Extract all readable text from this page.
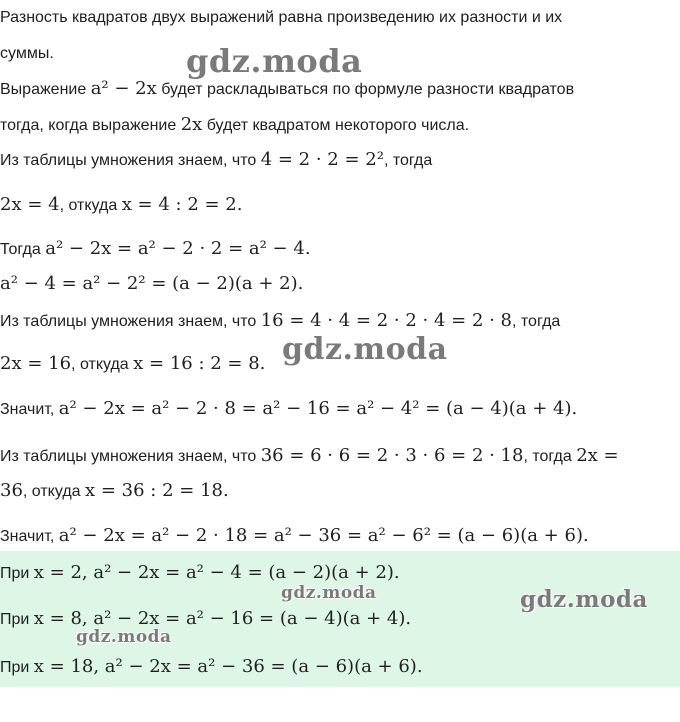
Разность квадратов двух выражений равна произведению их разности и их
суммы.
Выражение a² − 2x будет раскладываться по формуле разности квадратов
тогда, когда выражение 2x будет квадратом некоторого числа.
Из таблицы умножения знаем, что 4 = 2 · 2 = 2², тогда
2x = 4, откуда x = 4 : 2 = 2.
Тогда a² − 2x = a² − 2 · 2 = a² − 4.
a² − 4 = a² − 2² = (a − 2)(a + 2).
Из таблицы умножения знаем, что 16 = 4 · 4 = 2 · 2 · 4 = 2 · 8, тогда
2x = 16, откуда x = 16 : 2 = 8.
Значит, a² − 2x = a² − 2 · 8 = a² − 16 = a² − 4² = (a − 4)(a + 4).
Из таблицы умножения знаем, что 36 = 6 · 6 = 2 · 3 · 6 = 2 · 18, тогда 2x =
36, откуда x = 36 : 2 = 18.
Значит, a² − 2x = a² − 2 · 18 = a² − 36 = a² − 6² = (a − 6)(a + 6).
При x = 2, a² − 2x = a² − 4 = (a − 2)(a + 2).
При x = 8, a² − 2x = a² − 16 = (a − 4)(a + 4).
При x = 18, a² − 2x = a² − 36 = (a − 6)(a + 6).
gdz.moda
gdz.moda
gdz.moda	gdz.moda
gdz.moda
